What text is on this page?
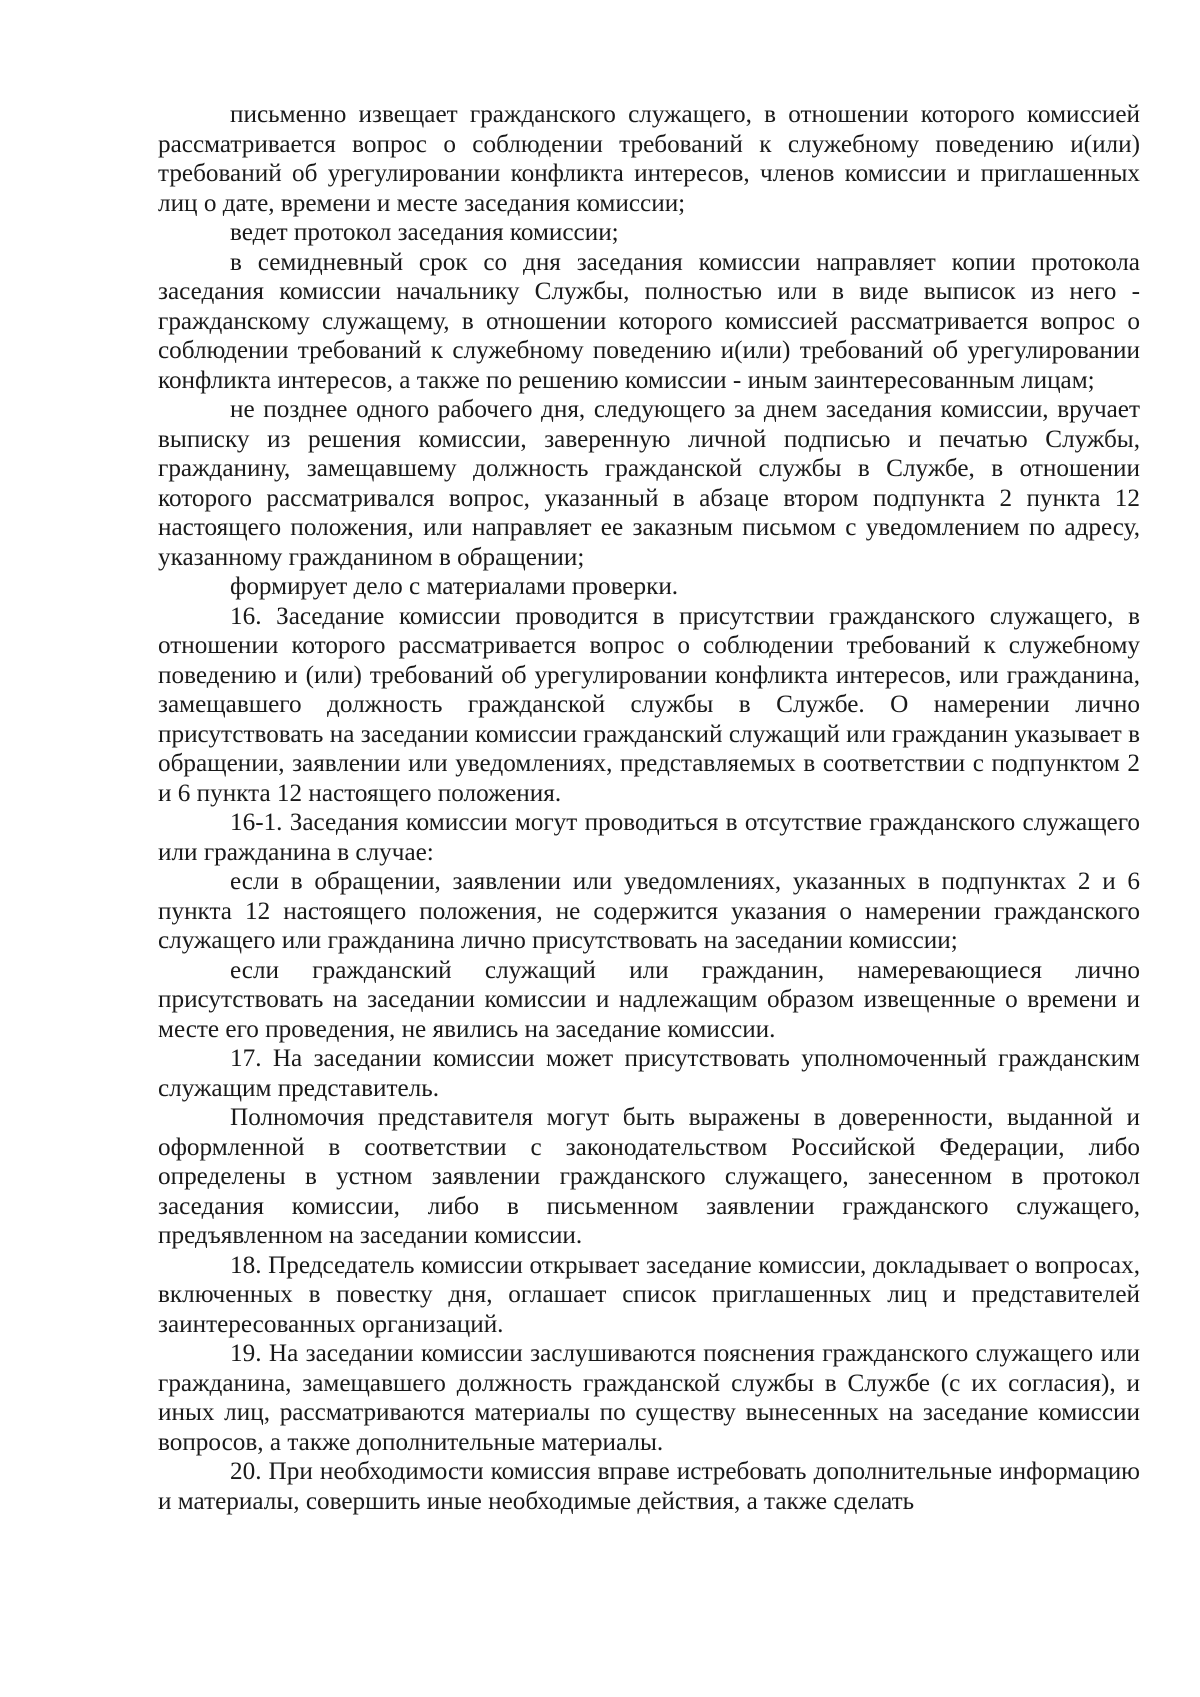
письменно извещает гражданского служащего, в отношении которого комиссией рассматривается вопрос о соблюдении требований к служебному поведению и(или) требований об урегулировании конфликта интересов, членов комиссии и приглашенных лиц о дате, времени и месте заседания комиссии;

ведет протокол заседания комиссии;

в семидневный срок со дня заседания комиссии направляет копии протокола заседания комиссии начальнику Службы, полностью или в виде выписок из него - гражданскому служащему, в отношении которого комиссией рассматривается вопрос о соблюдении требований к служебному поведению и(или) требований об урегулировании конфликта интересов, а также по решению комиссии - иным заинтересованным лицам;

не позднее одного рабочего дня, следующего за днем заседания комиссии, вручает выписку из решения комиссии, заверенную личной подписью и печатью Службы, гражданину, замещавшему должность гражданской службы в Службе, в отношении которого рассматривался вопрос, указанный в абзаце втором подпункта 2 пункта 12 настоящего положения, или направляет ее заказным письмом с уведомлением по адресу, указанному гражданином в обращении;

формирует дело с материалами проверки.

16. Заседание комиссии проводится в присутствии гражданского служащего, в отношении которого рассматривается вопрос о соблюдении требований к служебному поведению и (или) требований об урегулировании конфликта интересов, или гражданина, замещавшего должность гражданской службы в Службе. О намерении лично присутствовать на заседании комиссии гражданский служащий или гражданин указывает в обращении, заявлении или уведомлениях, представляемых в соответствии с подпунктом 2 и 6 пункта 12 настоящего положения.

16-1. Заседания комиссии могут проводиться в отсутствие гражданского служащего или гражданина в случае:

если в обращении, заявлении или уведомлениях, указанных в подпунктах 2 и 6 пункта 12 настоящего положения, не содержится указания о намерении гражданского служащего или гражданина лично присутствовать на заседании комиссии;

если гражданский служащий или гражданин, намеревающиеся лично присутствовать на заседании комиссии и надлежащим образом извещенные о времени и месте его проведения, не явились на заседание комиссии.

17. На заседании комиссии может присутствовать уполномоченный гражданским служащим представитель.

Полномочия представителя могут быть выражены в доверенности, выданной и оформленной в соответствии с законодательством Российской Федерации, либо определены в устном заявлении гражданского служащего, занесенном в протокол заседания комиссии, либо в письменном заявлении гражданского служащего, предъявленном на заседании комиссии.

18. Председатель комиссии открывает заседание комиссии, докладывает о вопросах, включенных в повестку дня, оглашает список приглашенных лиц и представителей заинтересованных организаций.

19. На заседании комиссии заслушиваются пояснения гражданского служащего или гражданина, замещавшего должность гражданской службы в Службе (с их согласия), и иных лиц, рассматриваются материалы по существу вынесенных на заседание комиссии вопросов, а также дополнительные материалы.

20. При необходимости комиссия вправе истребовать дополнительные информацию и материалы, совершить иные необходимые действия, а также сделать
